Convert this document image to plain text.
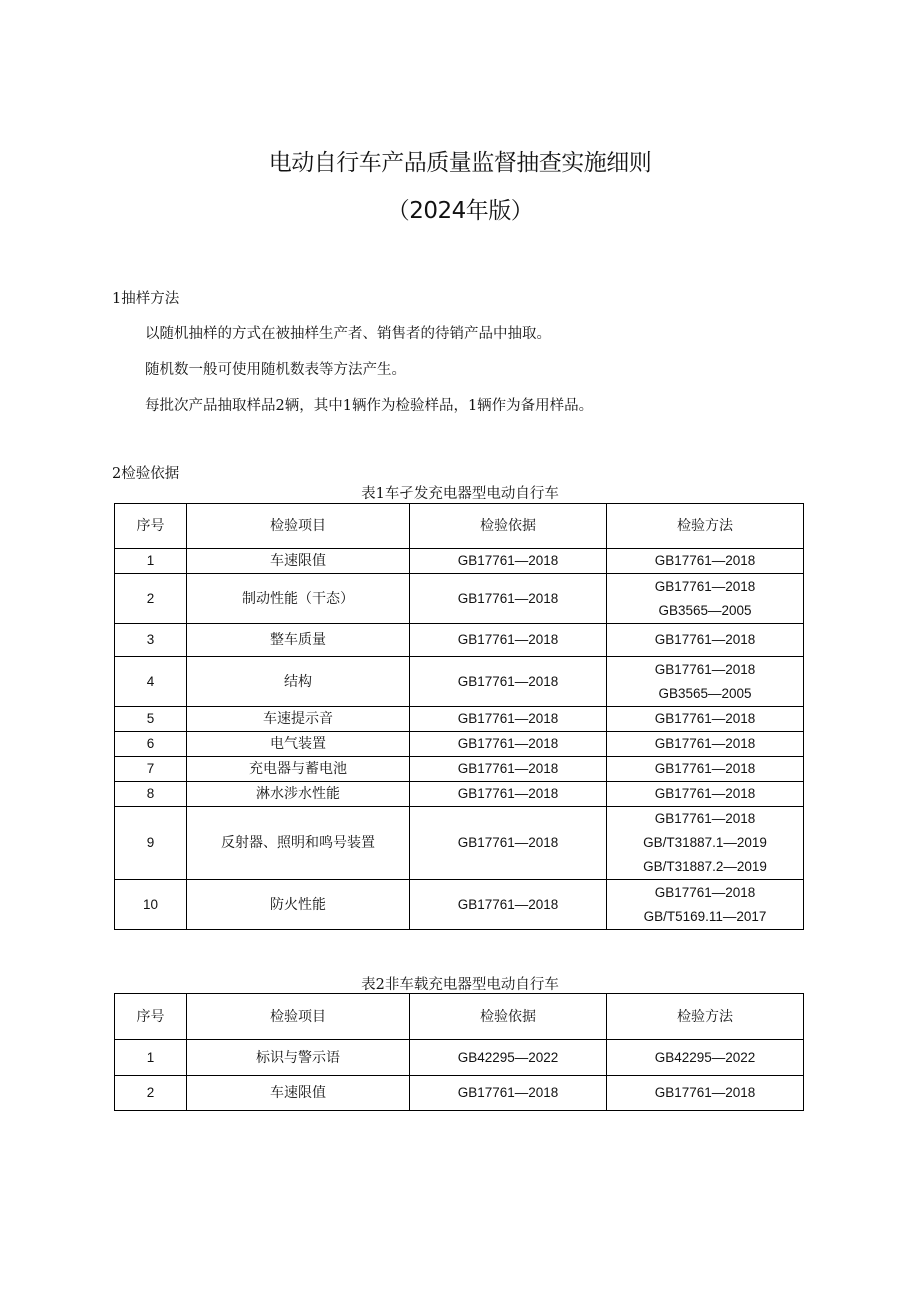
电动自行车产品质量监督抽查实施细则
（2024年版）
1抽样方法
以随机抽样的方式在被抽样生产者、销售者的待销产品中抽取。
随机数一般可使用随机数表等方法产生。
每批次产品抽取样品2辆，其中1辆作为检验样品，1辆作为备用样品。
2检验依据
表1车孑发充电器型电动自行车
序号	检验项目	检验依据	检验方法
1	车速限值	GB17761—2018	GB17761—2018

2	制动性能（干态）	GB17761—2018	GB17761—2018
GB3565—2005

3	整车质量	GB17761—2018	GB17761—2018

4	结构	GB17761—2018	GB17761—2018
GB3565—2005

5	车速提示音	GB17761—2018	GB17761—2018

6	电气装置	GB17761—2018	GB17761—2018

7	充电器与蓄电池	GB17761—2018	GB17761—2018

8	淋水涉水性能	GB17761—2018	GB17761—2018

9	反射器、照明和鸣号装置	GB17761—2018	GB17761—2018
GB/T31887.1—2019
GB/T31887.2—2019

10	防火性能	GB17761—2018	GB17761—2018
GB/T5169.11—2017
表2非车载充电器型电动自行车
序号	检验项目	检验依据	检验方法
1	标识与警示语	GB42295—2022	GB42295—2022

2	车速限值	GB17761—2018	GB17761—2018
